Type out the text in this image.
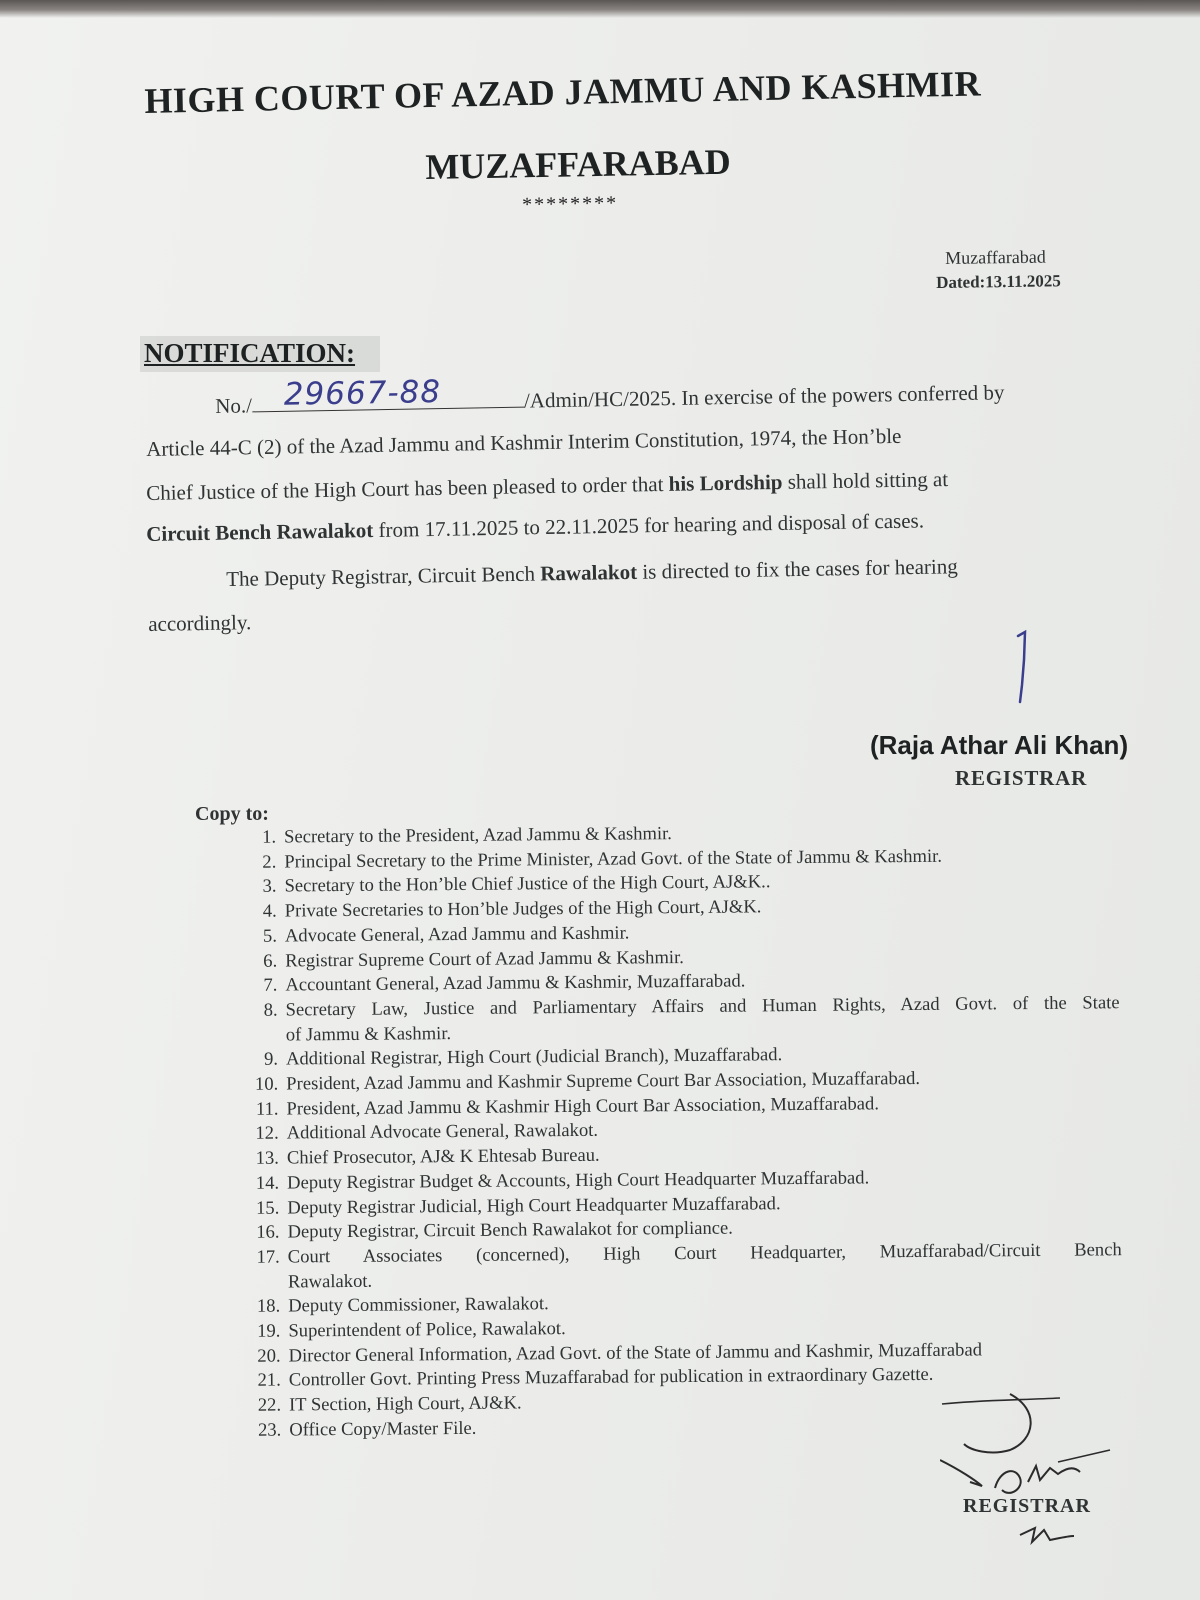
HIGH COURT OF AZAD JAMMU AND KASHMIR
MUZAFFARABAD
********
Muzaffarabad
Dated:13.11.2025
NOTIFICATION:
No./ 29667-88	/Admin/HC/2025. In exercise of the powers conferred by
Article 44-C (2) of the Azad Jammu and Kashmir Interim Constitution, 1974, the Hon’ble
Chief Justice of the High Court has been pleased to order that his Lordship shall hold sitting at
Circuit Bench Rawalakot from 17.11.2025 to 22.11.2025 for hearing and disposal of cases.
The Deputy Registrar, Circuit Bench Rawalakot is directed to fix the cases for hearing
accordingly.
(Raja Athar Ali Khan)
REGISTRAR
Copy to:
1. Secretary to the President, Azad Jammu & Kashmir.
2. Principal Secretary to the Prime Minister, Azad Govt. of the State of Jammu & Kashmir.
3. Secretary to the Hon’ble Chief Justice of the High Court, AJ&K..
4. Private Secretaries to Hon’ble Judges of the High Court, AJ&K.
5. Advocate General, Azad Jammu and Kashmir.
6. Registrar Supreme Court of Azad Jammu & Kashmir.
7. Accountant General, Azad Jammu & Kashmir, Muzaffarabad.
8. Secretary Law, Justice and Parliamentary Affairs and Human Rights, Azad Govt. of the State
of Jammu & Kashmir.
9. Additional Registrar, High Court (Judicial Branch), Muzaffarabad.
10. President, Azad Jammu and Kashmir Supreme Court Bar Association, Muzaffarabad.
11. President, Azad Jammu & Kashmir High Court Bar Association, Muzaffarabad.
12. Additional Advocate General, Rawalakot.
13. Chief Prosecutor, AJ& K Ehtesab Bureau.
14. Deputy Registrar Budget & Accounts, High Court Headquarter Muzaffarabad.
15. Deputy Registrar Judicial, High Court Headquarter Muzaffarabad.
16. Deputy Registrar, Circuit Bench Rawalakot for compliance.
17. Court Associates (concerned), High Court Headquarter, Muzaffarabad/Circuit Bench
Rawalakot.
18. Deputy Commissioner, Rawalakot.
19. Superintendent of Police, Rawalakot.
20. Director General Information, Azad Govt. of the State of Jammu and Kashmir, Muzaffarabad
21. Controller Govt. Printing Press Muzaffarabad for publication in extraordinary Gazette.
22. IT Section, High Court, AJ&K.
23. Office Copy/Master File.
REGISTRAR
